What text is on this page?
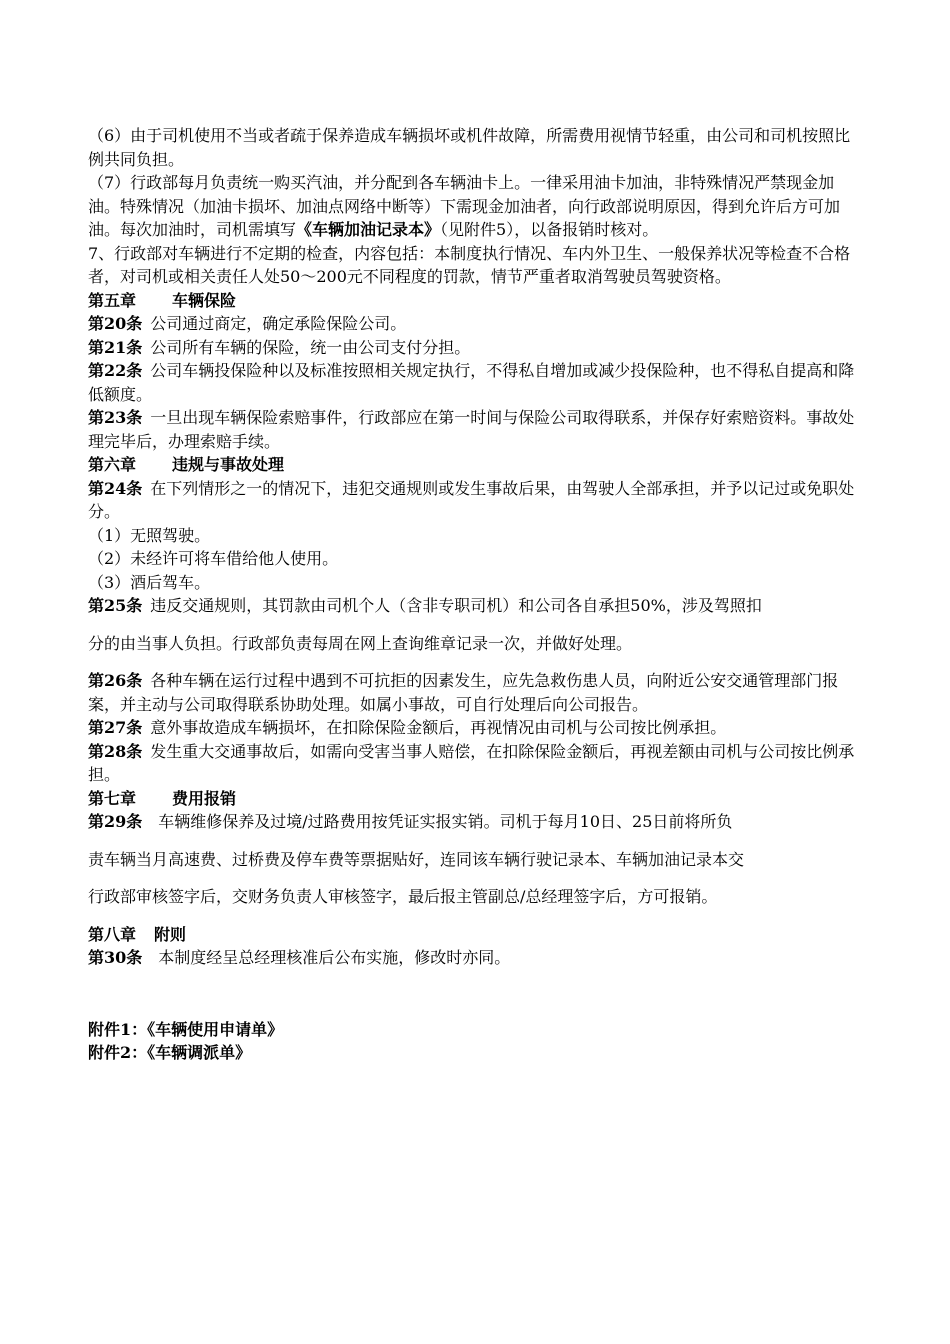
（6）由于司机使用不当或者疏于保养造成车辆损坏或机件故障，所需费用视情节轻重，由公司和司机按照比例共同负担。

（7）行政部每月负责统一购买汽油，并分配到各车辆油卡上。一律采用油卡加油，非特殊情况严禁现金加油。特殊情况（加油卡损坏、加油点网络中断等）下需现金加油者，向行政部说明原因，得到允许后方可加油。每次加油时，司机需填写《车辆加油记录本》（见附件5），以备报销时核对。

7、行政部对车辆进行不定期的检查，内容包括：本制度执行情况、车内外卫生、一般保养状况等检查不合格者，对司机或相关责任人处50～200元不同程度的罚款，情节严重者取消驾驶员驾驶资格。

第五章 车辆保险

第20条 公司通过商定，确定承险保险公司。

第21条 公司所有车辆的保险，统一由公司支付分担。

第22条 公司车辆投保险种以及标准按照相关规定执行，不得私自增加或减少投保险种，也不得私自提高和降低额度。

第23条 一旦出现车辆保险索赔事件，行政部应在第一时间与保险公司取得联系，并保存好索赔资料。事故处理完毕后，办理索赔手续。

第六章 违规与事故处理

第24条 在下列情形之一的情况下，违犯交通规则或发生事故后果，由驾驶人全部承担，并予以记过或免职处分。

（1）无照驾驶。

（2）未经许可将车借给他人使用。

（3）酒后驾车。

第25条 违反交通规则，其罚款由司机个人（含非专职司机）和公司各自承担50%，涉及驾照扣

分的由当事人负担。行政部负责每周在网上查询维章记录一次，并做好处理。

第26条 各种车辆在运行过程中遇到不可抗拒的因素发生，应先急救伤患人员，向附近公安交通管理部门报案，并主动与公司取得联系协助处理。如属小事故，可自行处理后向公司报告。

第27条 意外事故造成车辆损坏，在扣除保险金额后，再视情况由司机与公司按比例承担。

第28条 发生重大交通事故后，如需向受害当事人赔偿，在扣除保险金额后，再视差额由司机与公司按比例承担。

第七章 费用报销

第29条 车辆维修保养及过境/过路费用按凭证实报实销。司机于每月10日、25日前将所负

责车辆当月高速费、过桥费及停车费等票据贴好，连同该车辆行驶记录本、车辆加油记录本交

行政部审核签字后，交财务负责人审核签字，最后报主管副总/总经理签字后，方可报销。

第八章 附则

第30条 本制度经呈总经理核准后公布实施，修改时亦同。

附件1：《车辆使用申请单》

附件2：《车辆调派单》
